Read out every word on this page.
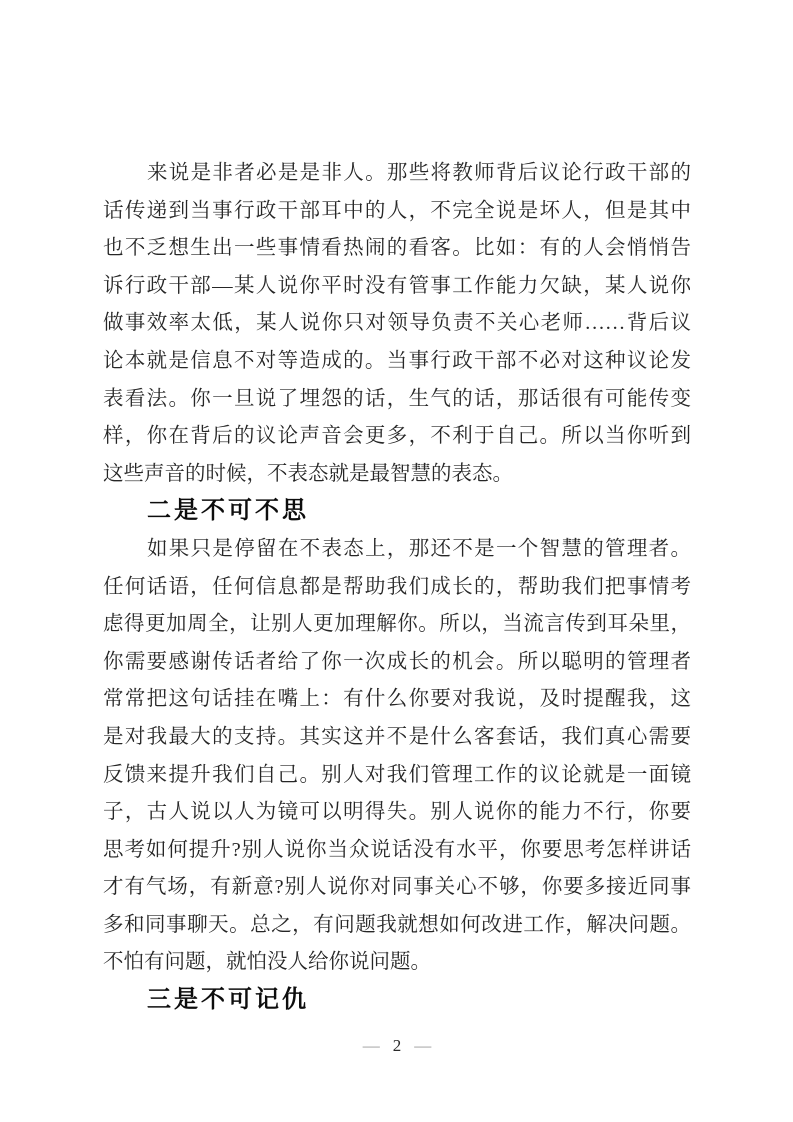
来说是非者必是是非人。那些将教师背后议论行政干部的
话传递到当事行政干部耳中的人，不完全说是坏人，但是其中
也不乏想生出一些事情看热闹的看客。比如：有的人会悄悄告
诉行政干部—某人说你平时没有管事工作能力欠缺，某人说你
做事效率太低，某人说你只对领导负责不关心老师……背后议
论本就是信息不对等造成的。当事行政干部不必对这种议论发
表看法。你一旦说了埋怨的话，生气的话，那话很有可能传变
样，你在背后的议论声音会更多，不利于自己。所以当你听到
这些声音的时候，不表态就是最智慧的表态。
二是不可不思
如果只是停留在不表态上，那还不是一个智慧的管理者。
任何话语，任何信息都是帮助我们成长的，帮助我们把事情考
虑得更加周全，让别人更加理解你。所以，当流言传到耳朵里，
你需要感谢传话者给了你一次成长的机会。所以聪明的管理者
常常把这句话挂在嘴上：有什么你要对我说，及时提醒我，这
是对我最大的支持。其实这并不是什么客套话，我们真心需要
反馈来提升我们自己。别人对我们管理工作的议论就是一面镜
子，古人说以人为镜可以明得失。别人说你的能力不行，你要
思考如何提升?别人说你当众说话没有水平，你要思考怎样讲话
才有气场，有新意?别人说你对同事关心不够，你要多接近同事
多和同事聊天。总之，有问题我就想如何改进工作，解决问题。
不怕有问题，就怕没人给你说问题。
三是不可记仇
— 2 —
